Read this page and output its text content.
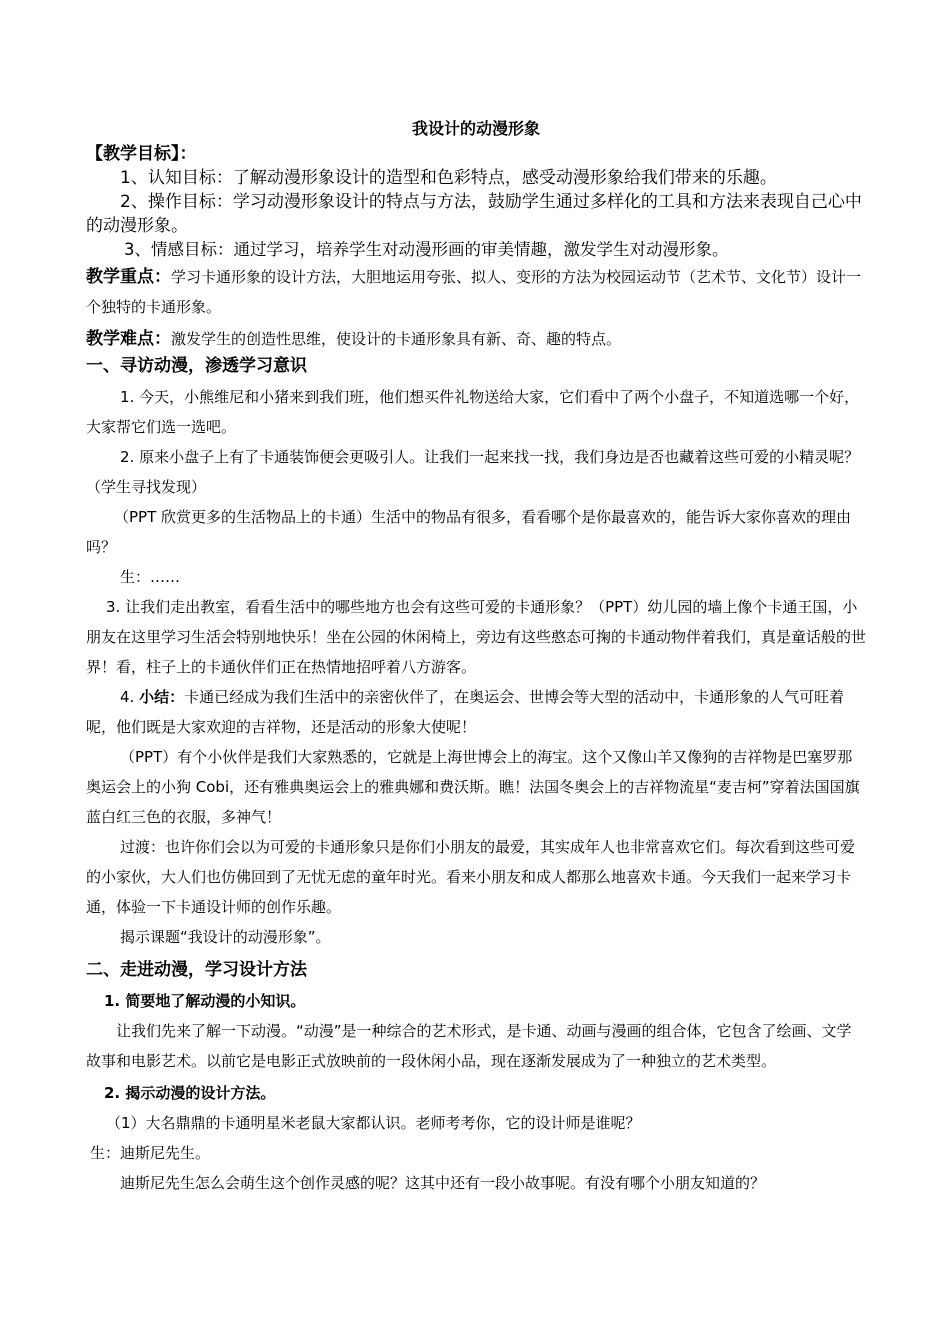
我设计的动漫形象
【教学目标】：
1、认知目标：了解动漫形象设计的造型和色彩特点，感受动漫形象给我们带来的乐趣。
2、操作目标：学习动漫形象设计的特点与方法，鼓励学生通过多样化的工具和方法来表现自己心中的动漫形象。
3、情感目标：通过学习，培养学生对动漫形画的审美情趣，激发学生对动漫形象。
教学重点：学习卡通形象的设计方法，大胆地运用夸张、拟人、变形的方法为校园运动节（艺术节、文化节）设计一个独特的卡通形象。
教学难点：激发学生的创造性思维，使设计的卡通形象具有新、奇、趣的特点。
一、寻访动漫，渗透学习意识
1. 今天，小熊维尼和小猪来到我们班，他们想买件礼物送给大家，它们看中了两个小盘子，不知道选哪一个好，大家帮它们选一选吧。
2. 原来小盘子上有了卡通装饰便会更吸引人。让我们一起来找一找，我们身边是否也藏着这些可爱的小精灵呢？（学生寻找发现）
（PPT 欣赏更多的生活物品上的卡通）生活中的物品有很多，看看哪个是你最喜欢的，能告诉大家你喜欢的理由吗？
生：……
3. 让我们走出教室，看看生活中的哪些地方也会有这些可爱的卡通形象？（PPT）幼儿园的墙上像个卡通王国，小朋友在这里学习生活会特别地快乐！坐在公园的休闲椅上，旁边有这些憨态可掬的卡通动物伴着我们，真是童话般的世界！看，柱子上的卡通伙伴们正在热情地招呼着八方游客。
4. 小结：卡通已经成为我们生活中的亲密伙伴了，在奥运会、世博会等大型的活动中，卡通形象的人气可旺着呢，他们既是大家欢迎的吉祥物，还是活动的形象大使呢！
（PPT）有个小伙伴是我们大家熟悉的，它就是上海世博会上的海宝。这个又像山羊又像狗的吉祥物是巴塞罗那奥运会上的小狗 Cobi，还有雅典奥运会上的雅典娜和费沃斯。瞧！法国冬奥会上的吉祥物流星“麦吉柯”穿着法国国旗蓝白红三色的衣服，多神气！
过渡：也许你们会以为可爱的卡通形象只是你们小朋友的最爱，其实成年人也非常喜欢它们。每次看到这些可爱的小家伙，大人们也仿佛回到了无忧无虑的童年时光。看来小朋友和成人都那么地喜欢卡通。今天我们一起来学习卡通，体验一下卡通设计师的创作乐趣。
揭示课题“我设计的动漫形象”。
二、走进动漫，学习设计方法
1. 简要地了解动漫的小知识。
让我们先来了解一下动漫。“动漫”是一种综合的艺术形式，是卡通、动画与漫画的组合体，它包含了绘画、文学故事和电影艺术。以前它是电影正式放映前的一段休闲小品，现在逐渐发展成为了一种独立的艺术类型。
2. 揭示动漫的设计方法。
（1）大名鼎鼎的卡通明星米老鼠大家都认识。老师考考你，它的设计师是谁呢？
生：迪斯尼先生。
迪斯尼先生怎么会萌生这个创作灵感的呢？这其中还有一段小故事呢。有没有哪个小朋友知道的？
